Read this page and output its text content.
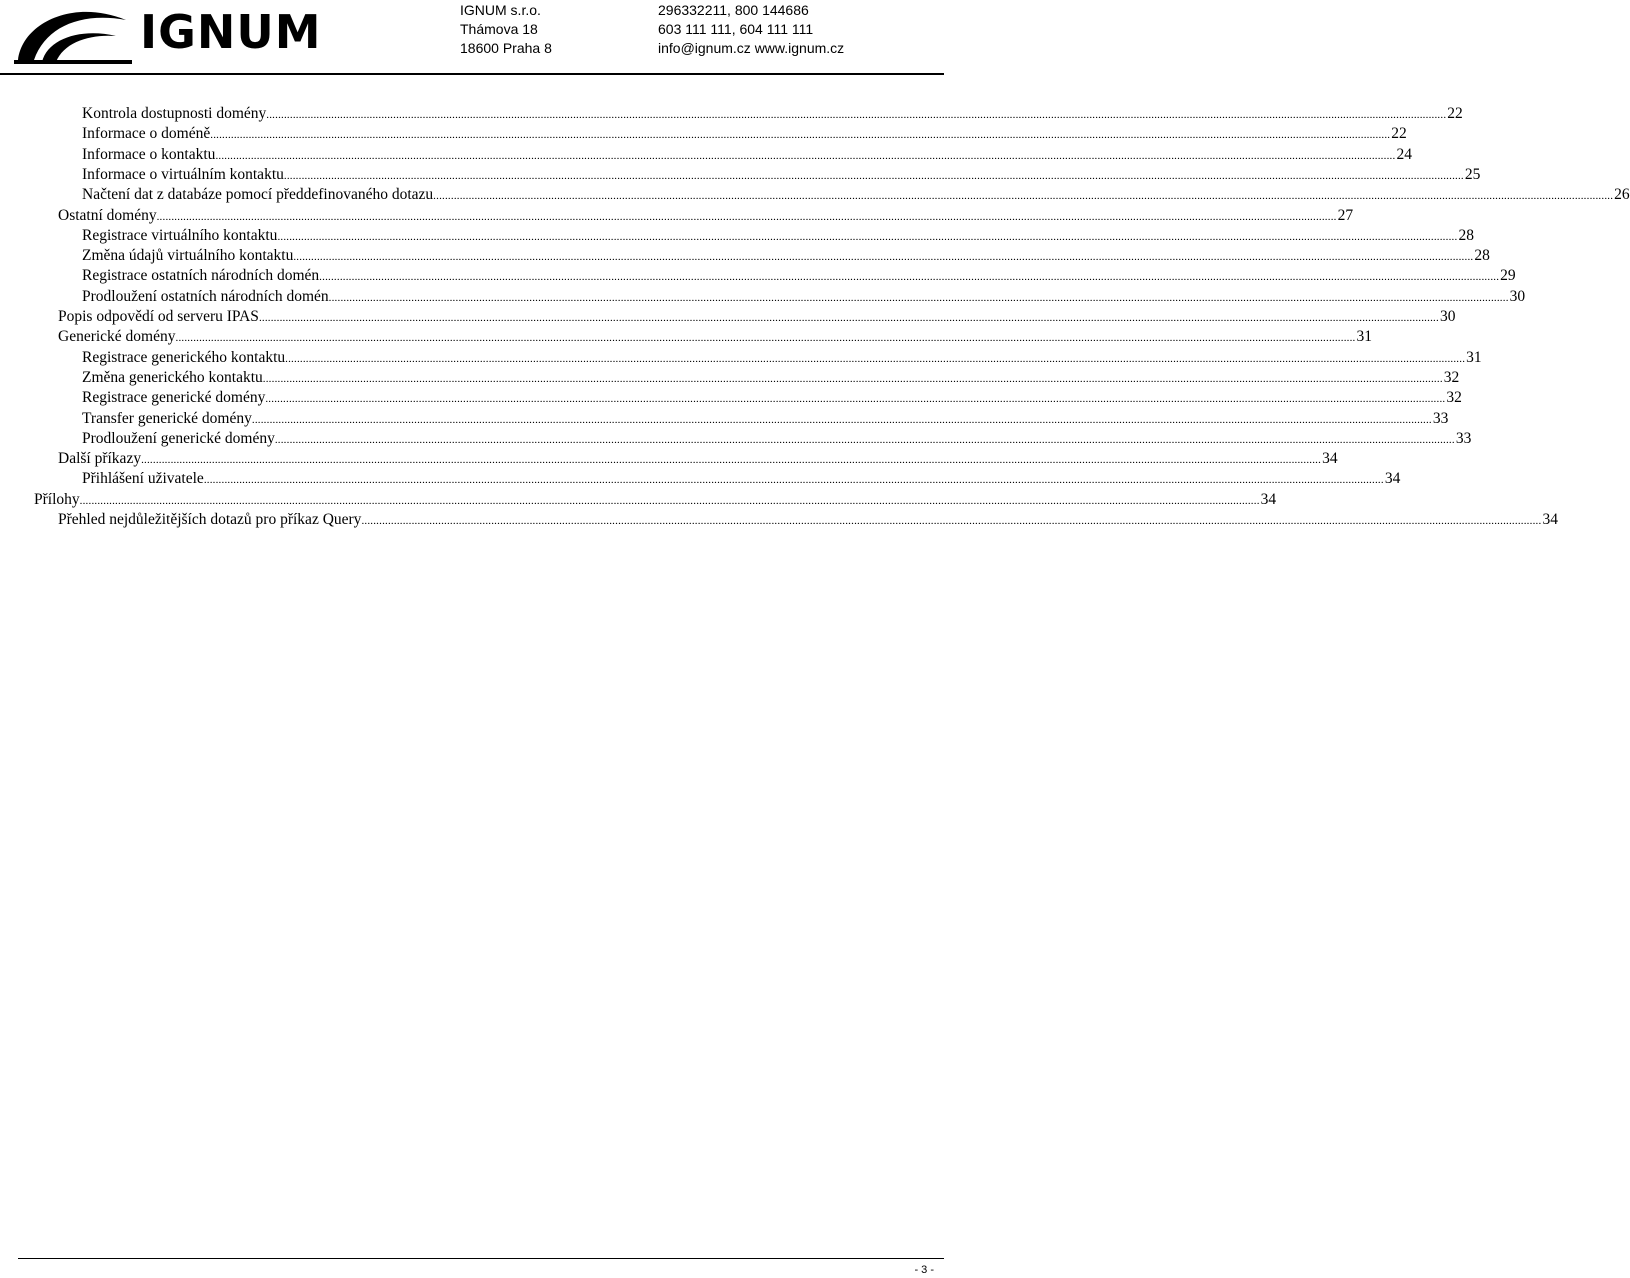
IGNUM	IGNUM s.r.o.
Thámova 18
18600 Praha 8
296332211, 800 144686
603 111 111, 604 111 111
info@ignum.cz www.ignum.cz
Kontrola dostupnosti domény ................................................................................................................................................................................................................................................................................................................................................................................................................ 22
Informace o doméně ................................................................................................................................................................................................................................................................................................................................................................................................................ 22
Informace o kontaktu ................................................................................................................................................................................................................................................................................................................................................................................................................ 24
Informace o virtuálním kontaktu ................................................................................................................................................................................................................................................................................................................................................................................................................ 25
Načtení dat z databáze pomocí předdefinovaného dotazu ................................................................................................................................................................................................................................................................................................................................................................................................................ 26
Ostatní domény ................................................................................................................................................................................................................................................................................................................................................................................................................ 27
Registrace virtuálního kontaktu ................................................................................................................................................................................................................................................................................................................................................................................................................ 28
Změna údajů virtuálního kontaktu ................................................................................................................................................................................................................................................................................................................................................................................................................ 28
Registrace ostatních národních domén ................................................................................................................................................................................................................................................................................................................................................................................................................ 29
Prodloužení ostatních národních domén ................................................................................................................................................................................................................................................................................................................................................................................................................ 30
Popis odpovědí od serveru IPAS ................................................................................................................................................................................................................................................................................................................................................................................................................ 30
Generické domény ................................................................................................................................................................................................................................................................................................................................................................................................................ 31
Registrace generického kontaktu ................................................................................................................................................................................................................................................................................................................................................................................................................ 31
Změna generického kontaktu ................................................................................................................................................................................................................................................................................................................................................................................................................ 32
Registrace generické domény ................................................................................................................................................................................................................................................................................................................................................................................................................ 32
Transfer generické domény ................................................................................................................................................................................................................................................................................................................................................................................................................ 33
Prodloužení generické domény ................................................................................................................................................................................................................................................................................................................................................................................................................ 33
Další příkazy ................................................................................................................................................................................................................................................................................................................................................................................................................ 34
Přihlášení uživatele ................................................................................................................................................................................................................................................................................................................................................................................................................ 34
Přílohy ................................................................................................................................................................................................................................................................................................................................................................................................................ 34
Přehled nejdůležitějších dotazů pro příkaz Query ................................................................................................................................................................................................................................................................................................................................................................................................................ 34
- 3 -
